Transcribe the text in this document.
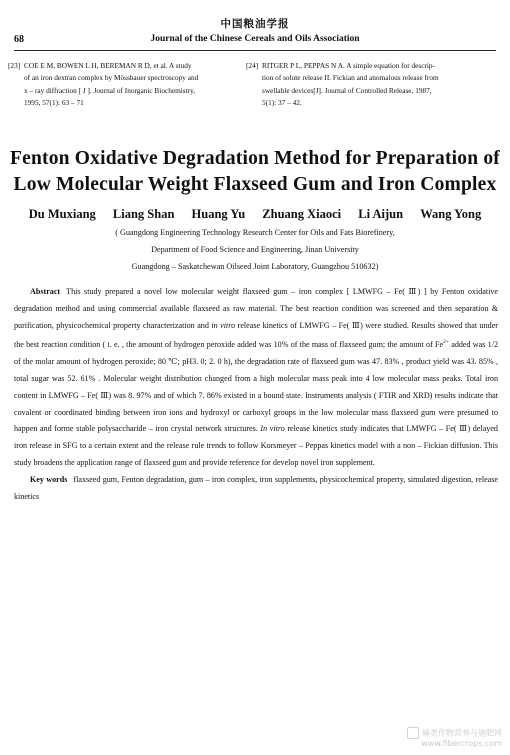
中国粮油学报
68	Journal of the Chinese Cereals and Oils Association
[23] COE E M, BOWEN L H, BEREMAN R D, et al. A study
of an iron dextran complex by Mössbauer spectroscopy and
x – ray diffraction [ J ]. Journal of Inorganic Biochemistry,
1995, 57(1): 63 – 71
[24] RITGER P L, PEPPAS N A. A simple equation for descrip-
tion of solute release II. Fickian and anomalous release from
swellable devices[J]. Journal of Controlled Release, 1987,
5(1): 37 – 42.
Fenton Oxidative Degradation Method for Preparation of
Low Molecular Weight Flaxseed Gum and Iron Complex
Du Muxiang Liang Shan Huang Yu Zhuang Xiaoci Li Aijun Wang Yong
( Guangdong Engineering Technology Research Center for Oils and Fats Biorefinery,
Department of Food Science and Engineering, Jinan University
Guangdong – Saskatchewan Oilseed Joint Laboratory, Guangzhou 510632)

Abstract This study prepared a novel low molecular weight flaxseed gum – iron complex [ LMWFG – Fe( Ⅲ) ] by Fenton oxidative degradation method and using commercial available flaxseed as raw material. The best reaction condition was screened and then separation & purification, physicochemical property characterization and in vitro release kinetics of LMWFG – Fe( Ⅲ) were studied. Results showed that under the best reaction condition ( i. e. , the amount of hydrogen peroxide added was 10% of the mass of flaxseed gum; the amount of $Fe^{2+}$ added was 1/2 of the molar amount of hydrogen peroxide; 80 ℃; pH3. 0; 2. 0 h), the degradation rate of flaxseed gum was 47. 83% , product yield was 43. 85% , total sugar was 52. 61% . Molecular weight distribution changed from a high molecular mass peak into 4 low molecular mass peaks. Total iron content in LMWFG – Fe( Ⅲ) was 8. 97% and of which 7. 86% existed in a bound state. Instruments analysis ( FTIR and XRD) results indicate that covalent or coordinated binding between iron ions and hydroxyl or carboxyl groups in the low molecular mass flaxseed gum were presumed to happen and forme stable polysaccharide – iron crystal network structures. In vitro release kinetics study indicates that LMWFG – Fe( Ⅲ) delayed iron release in SFG to a certain extent and the release rule trends to follow Korsmeyer – Peppas kinetics model with a non – Fickian diffusion. This study broadens the application range of flaxseed gum and provide reference for develop novel iron supplement.

Key words flaxseed gum, Fenton degradation, gum – iron complex, iron supplements, physicochemical property, simulated digestion, release kinetics

麻类作物营养与施肥网
www.fibercrops.com
